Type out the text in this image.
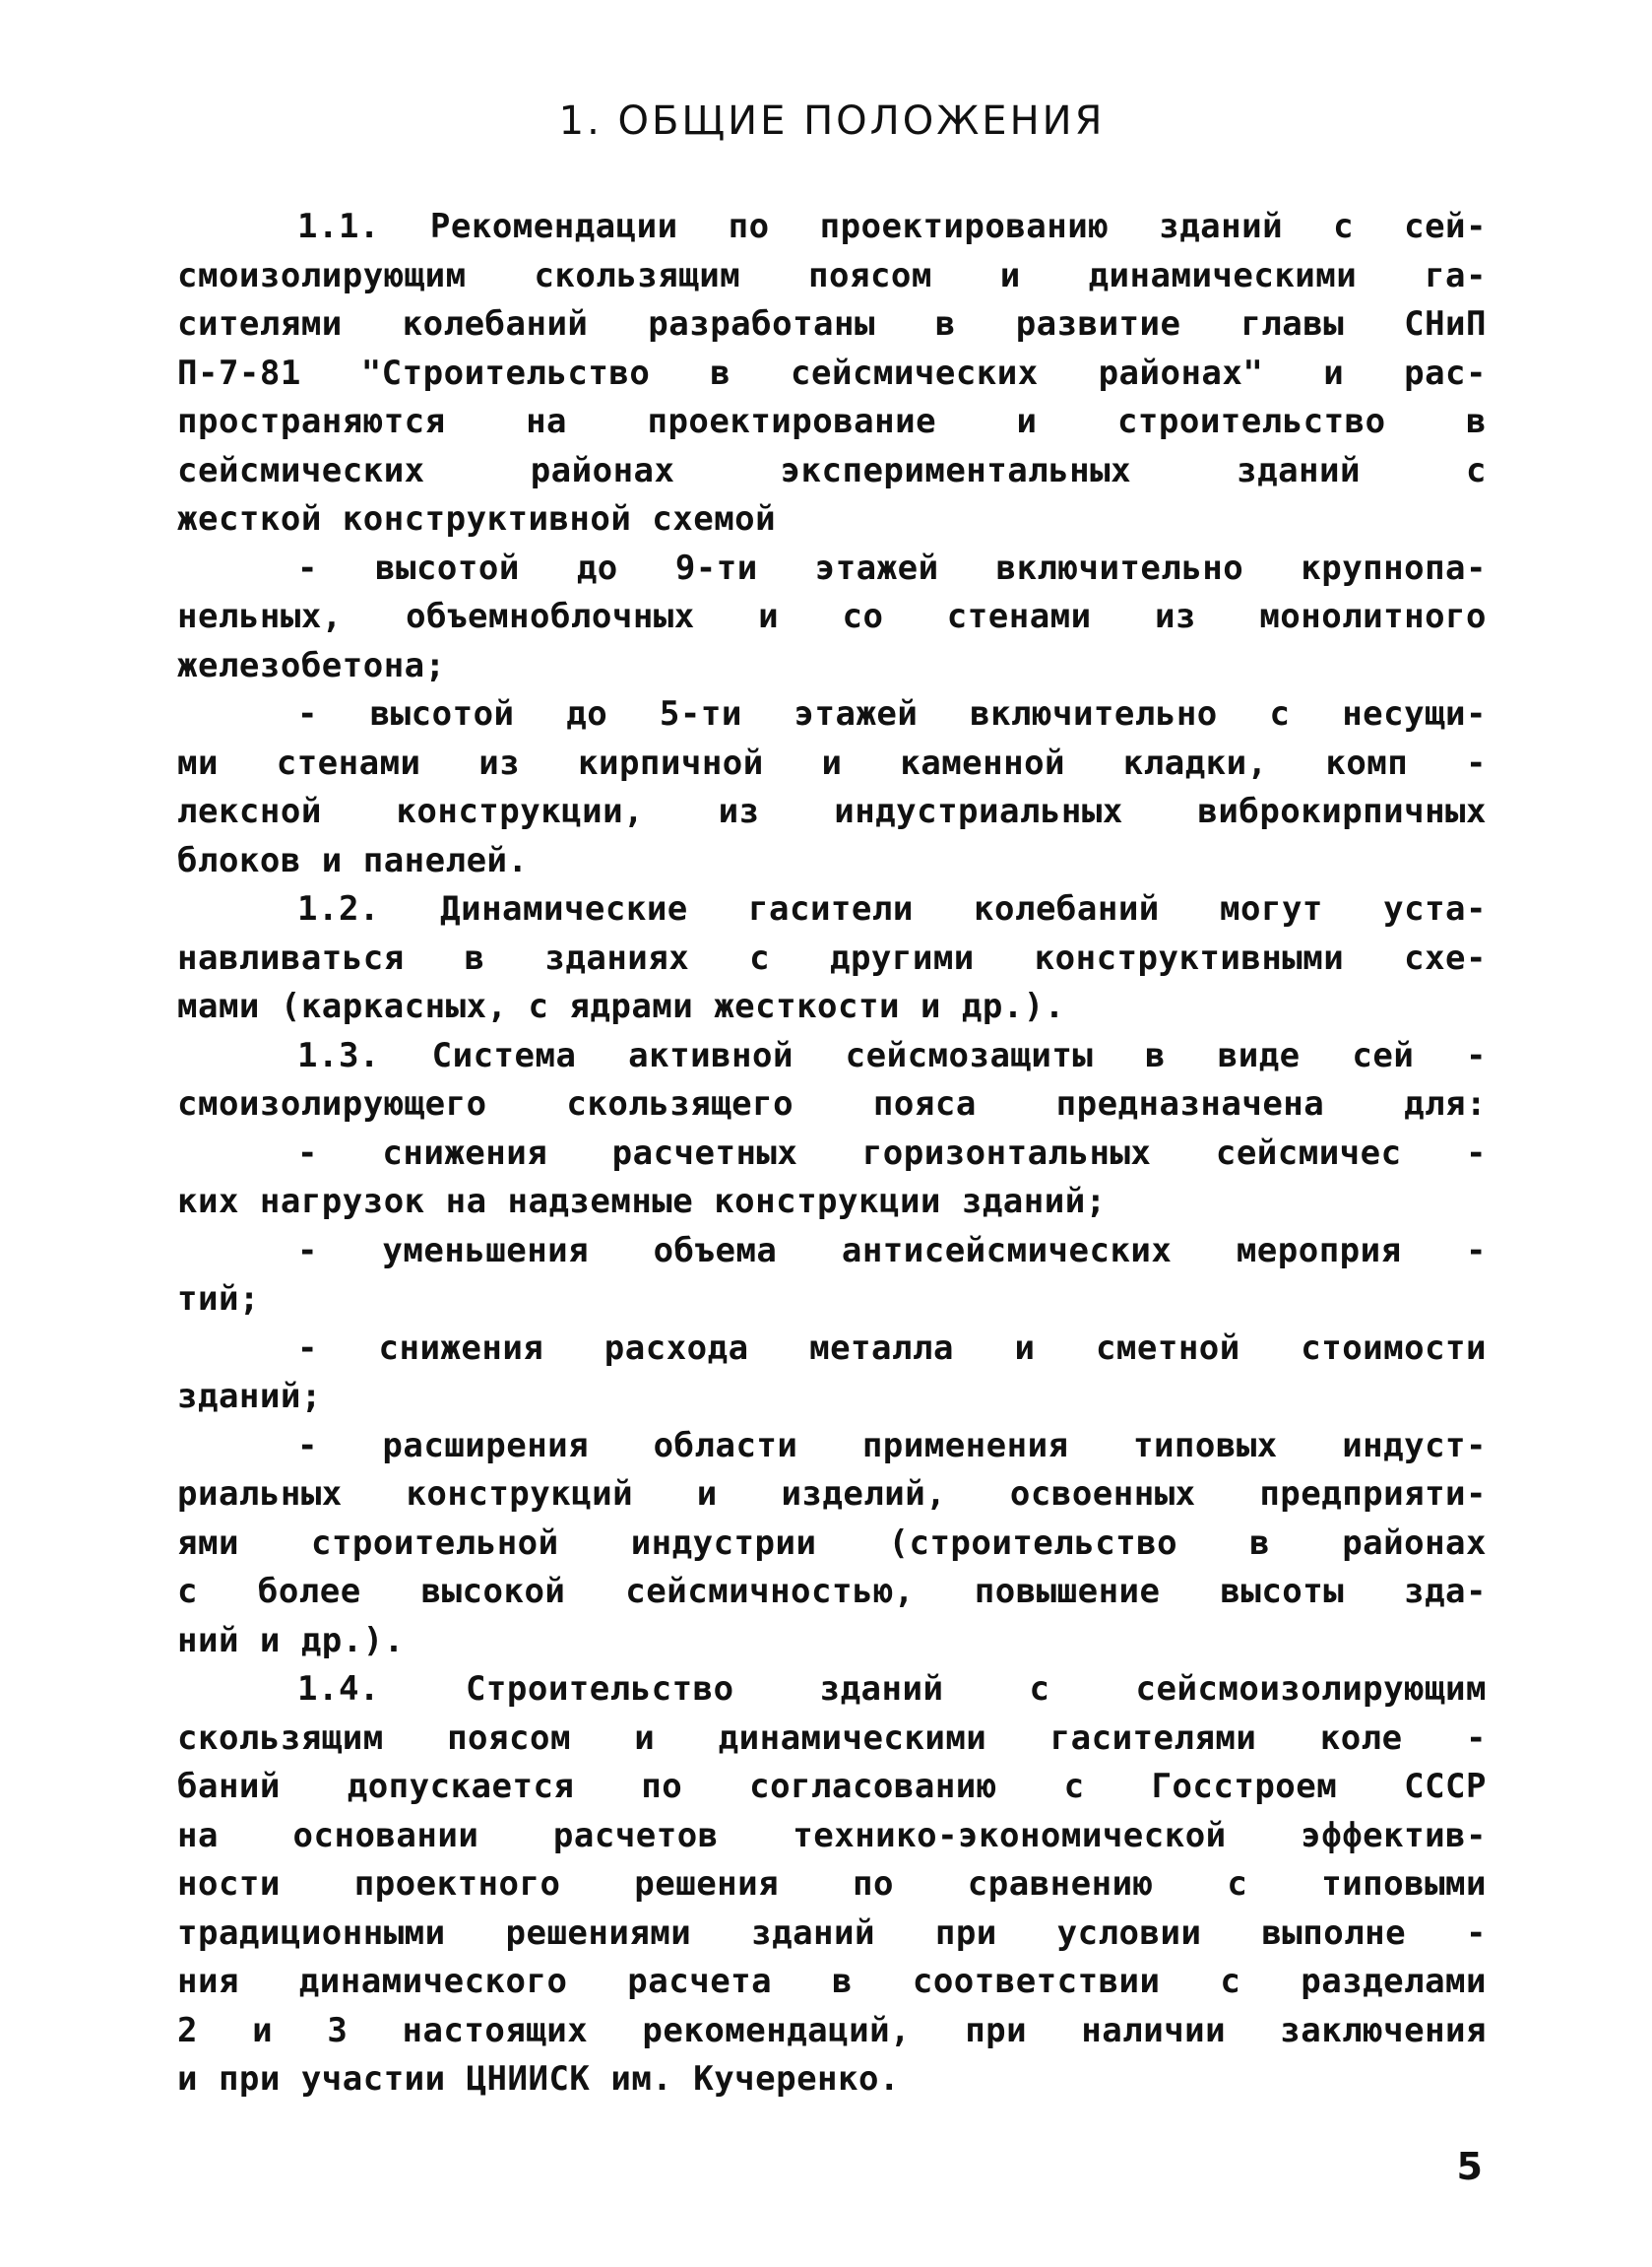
1. ОБЩИЕ ПОЛОЖЕНИЯ
1.1. Рекомендации по проектированию зданий с сей-
смоизолирующим скользящим поясом и динамическими га-
сителями колебаний разработаны в развитие главы СНиП
П-7-81 "Строительство в сейсмических районах" и рас-
пространяются на проектирование и строительство в
сейсмических районах экспериментальных зданий с
жесткой конструктивной схемой
- высотой до 9-ти этажей включительно крупнопа-
нельных, объемноблочных и со стенами из монолитного
железобетона;
- высотой до 5-ти этажей включительно с несущи-
ми стенами из кирпичной и каменной кладки, комп -
лексной конструкции, из индустриальных виброкирпичных
блоков и панелей.
1.2. Динамические гасители колебаний могут уста-
навливаться в зданиях с другими конструктивными схе-
мами (каркасных, с ядрами жесткости и др.).
1.3. Система активной сейсмозащиты в виде сей -
смоизолирующего скользящего пояса предназначена для:
- снижения расчетных горизонтальных сейсмичес -
ких нагрузок на надземные конструкции зданий;
- уменьшения объема антисейсмических мероприя -
тий;
- снижения расхода металла и сметной стоимости
зданий;
- расширения области применения типовых индуст-
риальных конструкций и изделий, освоенных предприяти-
ями строительной индустрии (строительство в районах
с более высокой сейсмичностью, повышение высоты зда-
ний и др.).
1.4. Строительство зданий с сейсмоизолирующим
скользящим поясом и динамическими гасителями коле -
баний допускается по согласованию с Госстроем СССР
на основании расчетов технико-экономической эффектив-
ности проектного решения по сравнению с типовыми
традиционными решениями зданий при условии выполне -
ния динамического расчета в соответствии с разделами
2 и 3 настоящих рекомендаций, при наличии заключения
и при участии ЦНИИСК им. Кучеренко.
5
